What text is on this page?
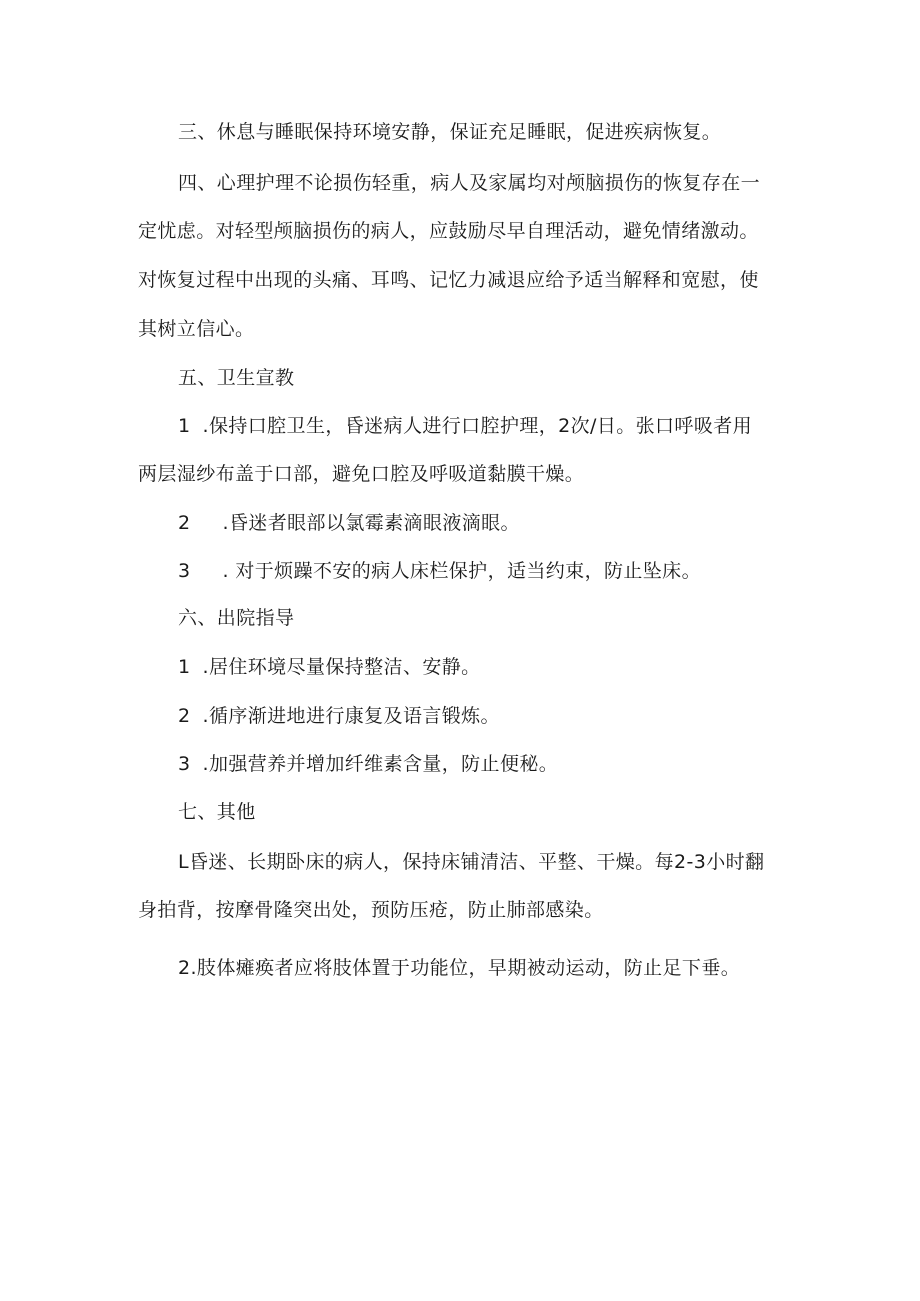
三、休息与睡眠保持环境安静，保证充足睡眠，促进疾病恢复。
四、心理护理不论损伤轻重，病人及家属均对颅脑损伤的恢复存在一
定忧虑。对轻型颅脑损伤的病人，应鼓励尽早自理活动，避免情绪激动。
对恢复过程中出现的头痛、耳鸣、记忆力减退应给予适当解释和宽慰，使
其树立信心。
五、卫生宣教
1 .保持口腔卫生，昏迷病人进行口腔护理，2次/日。张口呼吸者用
两层湿纱布盖于口部，避免口腔及呼吸道黏膜干燥。
2 .昏迷者眼部以氯霉素滴眼液滴眼。
3 . 对于烦躁不安的病人床栏保护，适当约束，防止坠床。
六、出院指导
1 .居住环境尽量保持整洁、安静。
2 .循序渐进地进行康复及语言锻炼。
3 .加强营养并增加纤维素含量，防止便秘。
七、其他
L昏迷、长期卧床的病人，保持床铺清洁、平整、干燥。每2-3小时翻
身拍背，按摩骨隆突出处，预防压疮，防止肺部感染。
2.肢体瘫痪者应将肢体置于功能位，早期被动运动，防止足下垂。
